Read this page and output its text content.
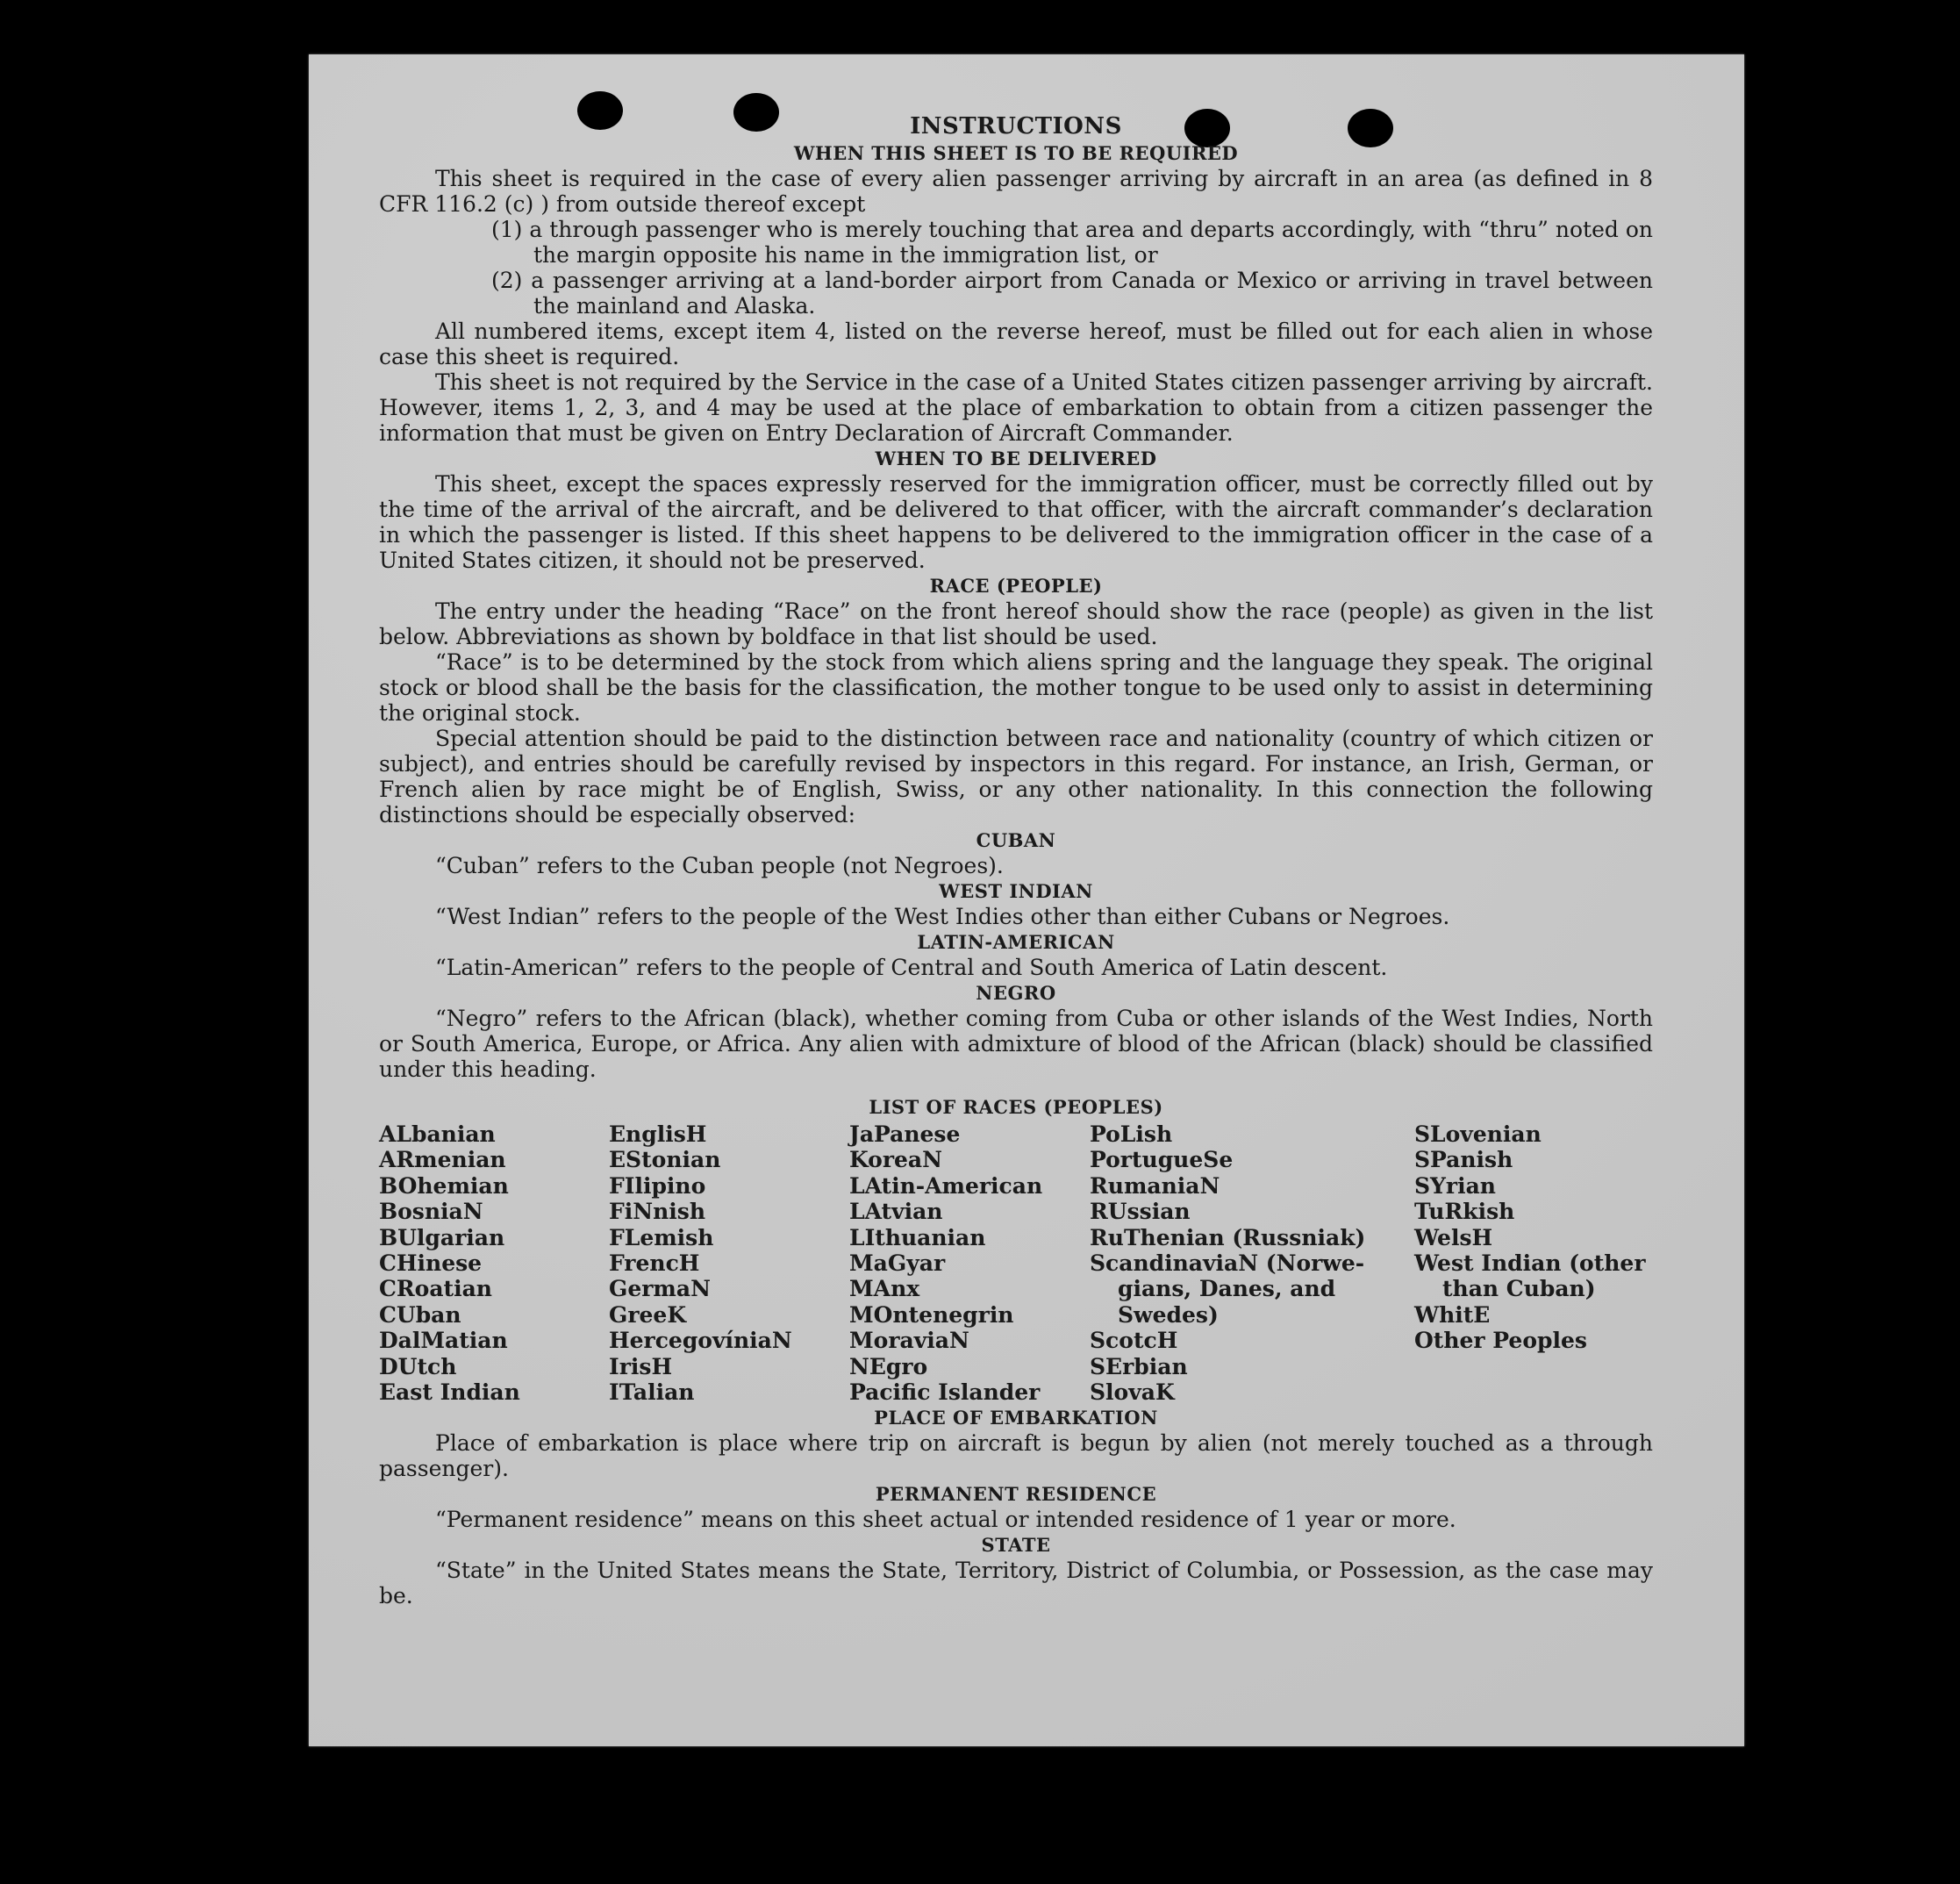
INSTRUCTIONS
WHEN THIS SHEET IS TO BE REQUIRED

This sheet is required in the case of every alien passenger arriving by aircraft in an area (as defined in 8 CFR 116.2 (c) ) from outside thereof except

(1) a through passenger who is merely touching that area and departs accordingly, with “thru” noted on the margin opposite his name in the immigration list, or

(2) a passenger arriving at a land-border airport from Canada or Mexico or arriving in travel between the mainland and Alaska.

All numbered items, except item 4, listed on the reverse hereof, must be filled out for each alien in whose case this sheet is required.

This sheet is not required by the Service in the case of a United States citizen passenger arriving by aircraft. However, items 1, 2, 3, and 4 may be used at the place of embarkation to obtain from a citizen passenger the information that must be given on Entry Declaration of Aircraft Commander.

WHEN TO BE DELIVERED

This sheet, except the spaces expressly reserved for the immigration officer, must be correctly filled out by the time of the arrival of the aircraft, and be delivered to that officer, with the aircraft commander’s declaration in which the passenger is listed. If this sheet happens to be delivered to the immigration officer in the case of a United States citizen, it should not be preserved.

RACE (PEOPLE)

The entry under the heading “Race” on the front hereof should show the race (people) as given in the list below. Abbreviations as shown by boldface in that list should be used.

“Race” is to be determined by the stock from which aliens spring and the language they speak. The original stock or blood shall be the basis for the classification, the mother tongue to be used only to assist in determining the original stock.

Special attention should be paid to the distinction between race and nationality (country of which citizen or subject), and entries should be carefully revised by inspectors in this regard. For instance, an Irish, German, or French alien by race might be of English, Swiss, or any other nationality. In this connection the following distinctions should be especially observed:

CUBAN

“Cuban” refers to the Cuban people (not Negroes).

WEST INDIAN

“West Indian” refers to the people of the West Indies other than either Cubans or Negroes.

LATIN-AMERICAN

“Latin-American” refers to the people of Central and South America of Latin descent.

NEGRO

“Negro” refers to the African (black), whether coming from Cuba or other islands of the West Indies, North or South America, Europe, or Africa. Any alien with admixture of blood of the African (black) should be classified under this heading.

LIST OF RACES (PEOPLES)
ALbanian
ARmenian
BOhemian
BosniaN
BUlgarian
CHinese
CRoatian
CUban
DalMatian
DUtch
East Indian
EnglisH
EStonian
FIlipino
FiNnish
FLemish
FrencH
GermaN
GreeK
HercegovíniaN
IrisH
ITalian
JaPanese
KoreaN
LAtin-American
LAtvian
LIthuanian
MaGyar
MAnx
MOntenegrin
MoraviaN
NEgro
Pacific Islander
PoLish
PortugueSe
RumaniaN
RUssian
RuThenian (Russniak)
ScandinaviaN (Norwe-
gians, Danes, and
Swedes)
ScotcH
SErbian
SlovaK
SLovenian
SPanish
SYrian
TuRkish
WelsH
West Indian (other
than Cuban)
WhitE
Other Peoples
PLACE OF EMBARKATION

Place of embarkation is place where trip on aircraft is begun by alien (not merely touched as a through passenger).

PERMANENT RESIDENCE

“Permanent residence” means on this sheet actual or intended residence of 1 year or more.

STATE

“State” in the United States means the State, Territory, District of Columbia, or Possession, as the case may be.
